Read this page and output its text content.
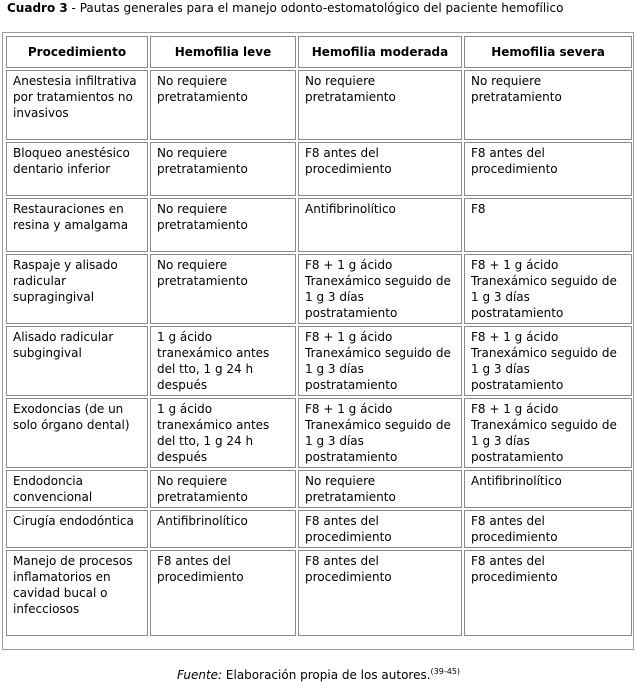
Cuadro 3 - Pautas generales para el manejo odonto-estomatológico del paciente hemofílico
Procedimiento	Hemofilia leve	Hemofilia moderada	Hemofilia severa
Anestesia infiltrativa por tratamientos no invasivos	No requiere pretratamiento	No requiere pretratamiento	No requiere pretratamiento
Bloqueo anestésico dentario inferior	No requiere pretratamiento	F8 antes del procedimiento	F8 antes del procedimiento
Restauraciones en resina y amalgama	No requiere pretratamiento	Antifibrinolítico	F8
Raspaje y alisado radicular supragingival	No requiere pretratamiento	F8 + 1 g ácido Tranexámico seguido de 1 g 3 días postratamiento	F8 + 1 g ácido Tranexámico seguido de 1 g 3 días postratamiento
Alisado radicular subgingival	1 g ácido tranexámico antes del tto, 1 g 24 h después	F8 + 1 g ácido Tranexámico seguido de 1 g 3 días postratamiento	F8 + 1 g ácido Tranexámico seguido de 1 g 3 días postratamiento
Exodoncias (de un solo órgano dental)	1 g ácido tranexámico antes del tto, 1 g 24 h después	F8 + 1 g ácido Tranexámico seguido de 1 g 3 días postratamiento	F8 + 1 g ácido Tranexámico seguido de 1 g 3 días postratamiento
Endodoncia convencional	No requiere pretratamiento	No requiere pretratamiento	Antifibrinolítico
Cirugía endodóntica	Antifibrinolítico	F8 antes del procedimiento	F8 antes del procedimiento
Manejo de procesos inflamatorios en cavidad bucal o infecciosos	F8 antes del procedimiento	F8 antes del procedimiento	F8 antes del procedimiento
Fuente: Elaboración propia de los autores.$^{(39-45)}$
